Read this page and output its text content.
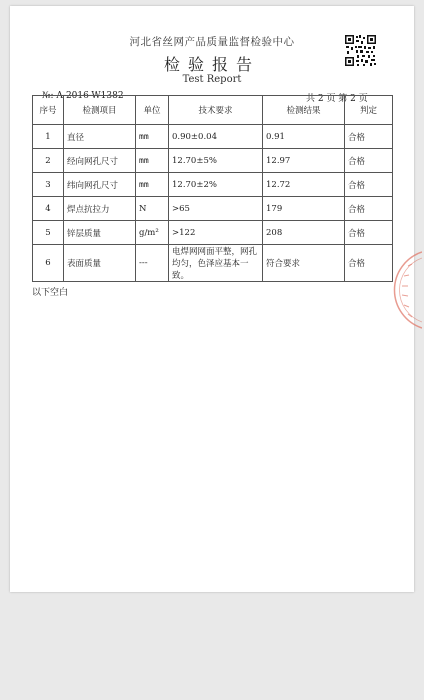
河北省丝网产品质量监督检验中心
检验报告
Test Report
№: A-2016-W1382	共 2 页 第 2 页
序号	检测项目	单位	技术要求	检测结果	判定
1	直径	mm	0.90±0.04	0.91	合格
2	经向网孔尺寸	mm	12.70±5%	12.97	合格
3	纬向网孔尺寸	mm	12.70±2%	12.72	合格
4	焊点抗拉力	N	>65	179	合格
5	锌层质量	g/m²	>122	208	合格
6	表面质量	---	电焊网网面平整，网孔均匀，色泽应基本一致。	符合要求	合格
以下空白
